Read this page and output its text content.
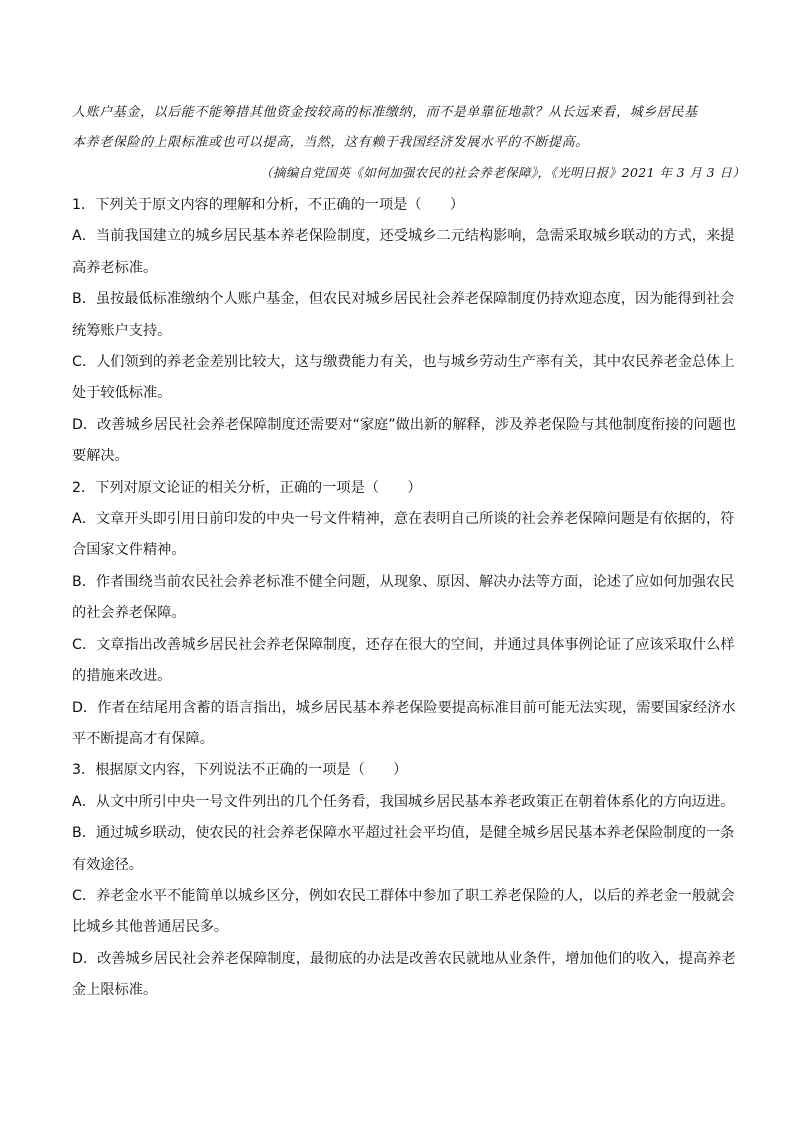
人账户基金，以后能不能筹措其他资金按较高的标准缴纳，而不是单靠征地款？从长远来看，城乡居民基

本养老保险的上限标准或也可以提高，当然，这有赖于我国经济发展水平的不断提高。

（摘编自党国英《如何加强农民的社会养老保障》，《光明日报》2021 年 3 月 3 日）

1．下列关于原文内容的理解和分析，不正确的一项是（　　）

A．当前我国建立的城乡居民基本养老保险制度，还受城乡二元结构影响，急需采取城乡联动的方式，来提

高养老标准。

B．虽按最低标准缴纳个人账户基金，但农民对城乡居民社会养老保障制度仍持欢迎态度，因为能得到社会

统筹账户支持。

C．人们领到的养老金差别比较大，这与缴费能力有关，也与城乡劳动生产率有关，其中农民养老金总体上

处于较低标准。

D．改善城乡居民社会养老保障制度还需要对“家庭”做出新的解释，涉及养老保险与其他制度衔接的问题也

要解决。

2．下列对原文论证的相关分析，正确的一项是（　　）

A．文章开头即引用日前印发的中央一号文件精神，意在表明自己所谈的社会养老保障问题是有依据的，符

合国家文件精神。

B．作者围绕当前农民社会养老标准不健全问题，从现象、原因、解决办法等方面，论述了应如何加强农民

的社会养老保障。

C．文章指出改善城乡居民社会养老保障制度，还存在很大的空间，并通过具体事例论证了应该采取什么样

的措施来改进。

D．作者在结尾用含蓄的语言指出，城乡居民基本养老保险要提高标准目前可能无法实现，需要国家经济水

平不断提高才有保障。

3．根据原文内容，下列说法不正确的一项是（　　）

A．从文中所引中央一号文件列出的几个任务看，我国城乡居民基本养老政策正在朝着体系化的方向迈进。

B．通过城乡联动，使农民的社会养老保障水平超过社会平均值，是健全城乡居民基本养老保险制度的一条

有效途径。

C．养老金水平不能简单以城乡区分，例如农民工群体中参加了职工养老保险的人，以后的养老金一般就会

比城乡其他普通居民多。

D．改善城乡居民社会养老保障制度，最彻底的办法是改善农民就地从业条件，增加他们的收入，提高养老

金上限标准。
